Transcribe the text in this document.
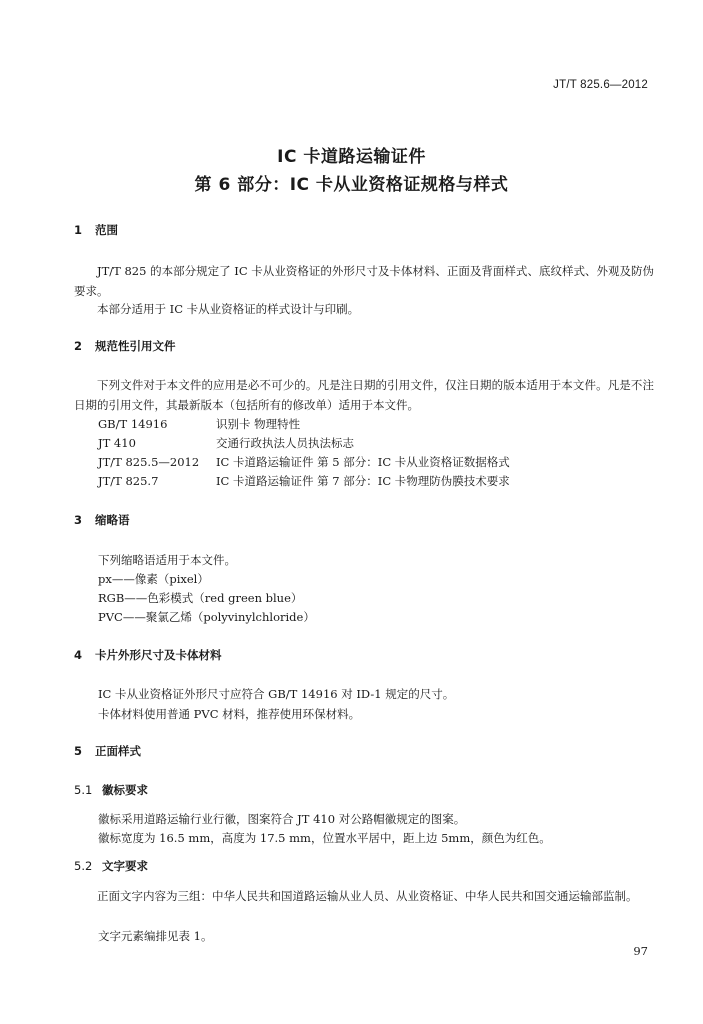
JT/T 825.6—2012
IC 卡道路运输证件
第 6 部分：IC 卡从业资格证规格与样式
1 范围
JT/T 825 的本部分规定了 IC 卡从业资格证的外形尺寸及卡体材料、正面及背面样式、底纹样式、外观及防伪要求。
本部分适用于 IC 卡从业资格证的样式设计与印刷。
2 规范性引用文件
下列文件对于本文件的应用是必不可少的。凡是注日期的引用文件，仅注日期的版本适用于本文件。凡是不注日期的引用文件，其最新版本（包括所有的修改单）适用于本文件。
GB/T 14916	识别卡 物理特性
JT 410	交通行政执法人员执法标志
JT/T 825.5—2012 IC 卡道路运输证件 第 5 部分：IC 卡从业资格证数据格式
JT/T 825.7	IC 卡道路运输证件 第 7 部分：IC 卡物理防伪膜技术要求
3 缩略语
下列缩略语适用于本文件。
px——像素（pixel）
RGB——色彩模式（red green blue）
PVC——聚氯乙烯（polyvinylchloride）
4 卡片外形尺寸及卡体材料
IC 卡从业资格证外形尺寸应符合 GB/T 14916 对 ID-1 规定的尺寸。
卡体材料使用普通 PVC 材料，推荐使用环保材料。
5 正面样式
5.1 徽标要求
徽标采用道路运输行业行徽，图案符合 JT 410 对公路帽徽规定的图案。
徽标宽度为 16.5 mm，高度为 17.5 mm，位置水平居中，距上边 5mm，颜色为红色。
5.2 文字要求
正面文字内容为三组：中华人民共和国道路运输从业人员、从业资格证、中华人民共和国交通运输部监制。
文字元素编排见表 1。
97
